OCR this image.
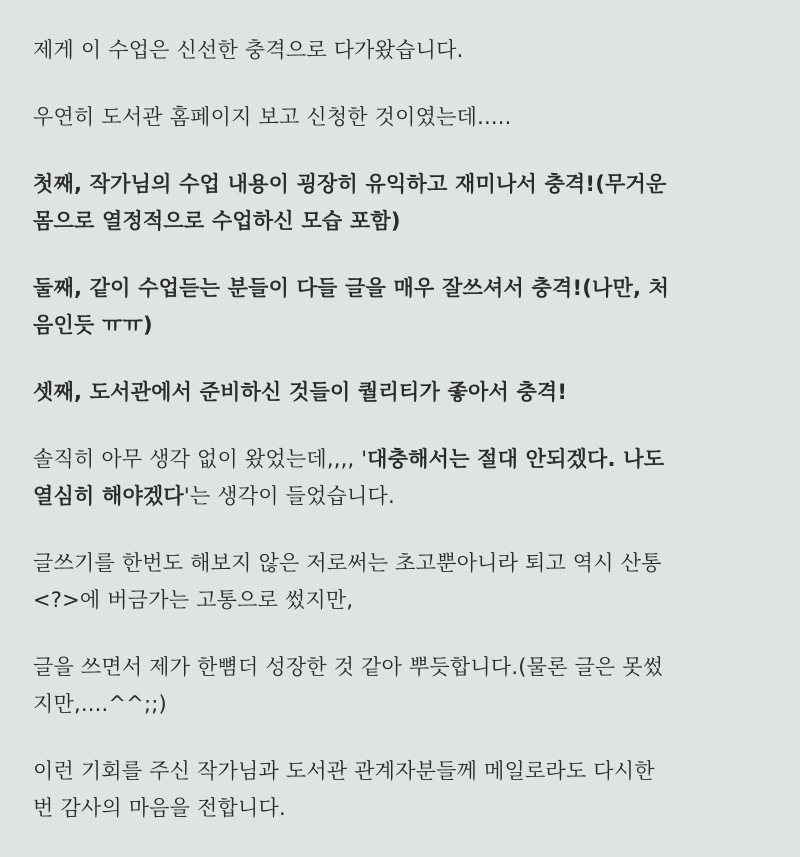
제게 이 수업은 신선한 충격으로 다가왔습니다.

우연히 도서관 홈페이지 보고 신청한 것이였는데.....

첫째, 작가님의 수업 내용이 굉장히 유익하고 재미나서 충격!(무거운
몸으로 열정적으로 수업하신 모습 포함)

둘째, 같이 수업듣는 분들이 다들 글을 매우 잘쓰셔서 충격!(나만, 처
음인듯 ㅠㅠ)

셋째, 도서관에서 준비하신 것들이 퀄리티가 좋아서 충격!

솔직히 아무 생각 없이 왔었는데,,,, '대충해서는 절대 안되겠다. 나도
열심히 해야겠다'는 생각이 들었습니다.

글쓰기를 한번도 해보지 않은 저로써는 초고뿐아니라 퇴고 역시 산통
<?>에 버금가는 고통으로 썼지만,

글을 쓰면서 제가 한뼘더 성장한 것 같아 뿌듯합니다.(물론 글은 못썼
지만,....^^;;)

이런 기회를 주신 작가님과 도서관 관계자분들께 메일로라도 다시한
번 감사의 마음을 전합니다.
